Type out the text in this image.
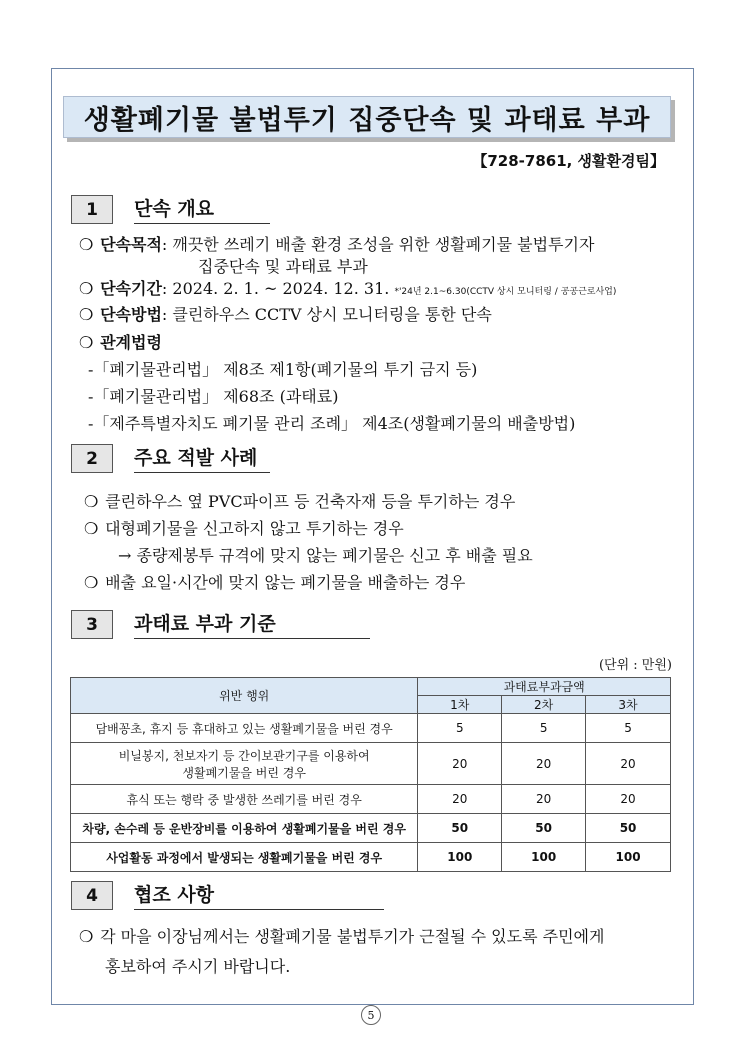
생활폐기물 불법투기 집중단속 및 과태료 부과
【728-7861, 생활환경팀】
1	단속 개요
❍ 단속목적: 깨끗한 쓰레기 배출 환경 조성을 위한 생활폐기물 불법투기자
집중단속 및 과태료 부과
❍ 단속기간: 2024. 2. 1. ~ 2024. 12. 31. *'24년 2.1~6.30(CCTV 상시 모니터링 / 공공근로사업)
❍ 단속방법: 클린하우스 CCTV 상시 모니터링을 통한 단속
❍ 관계법령
-「폐기물관리법」 제8조 제1항(폐기물의 투기 금지 등)
-「폐기물관리법」 제68조 (과태료)
-「제주특별자치도 폐기물 관리 조례」 제4조(생활폐기물의 배출방법)
2	주요 적발 사례
❍ 클린하우스 옆 PVC파이프 등 건축자재 등을 투기하는 경우
❍ 대형폐기물을 신고하지 않고 투기하는 경우
→ 종량제봉투 규격에 맞지 않는 폐기물은 신고 후 배출 필요
❍ 배출 요일·시간에 맞지 않는 폐기물을 배출하는 경우
3	과태료 부과 기준
(단위 : 만원)
위반 행위	과태료부과금액		
	1차	2차	3차
담배꽁초, 휴지 등 휴대하고 있는 생활폐기물을 버린 경우	5	5	5
비닐봉지, 천보자기 등 간이보관기구를 이용하여
생활폐기물을 버린 경우	20	20	20
휴식 또는 행락 중 발생한 쓰레기를 버린 경우	20	20	20
차량, 손수레 등 운반장비를 이용하여 생활폐기물을 버린 경우	50	50	50
사업활동 과정에서 발생되는 생활폐기물을 버린 경우	100	100	100
4	협조 사항
❍ 각 마을 이장님께서는 생활폐기물 불법투기가 근절될 수 있도록 주민에게
홍보하여 주시기 바랍니다.
5
